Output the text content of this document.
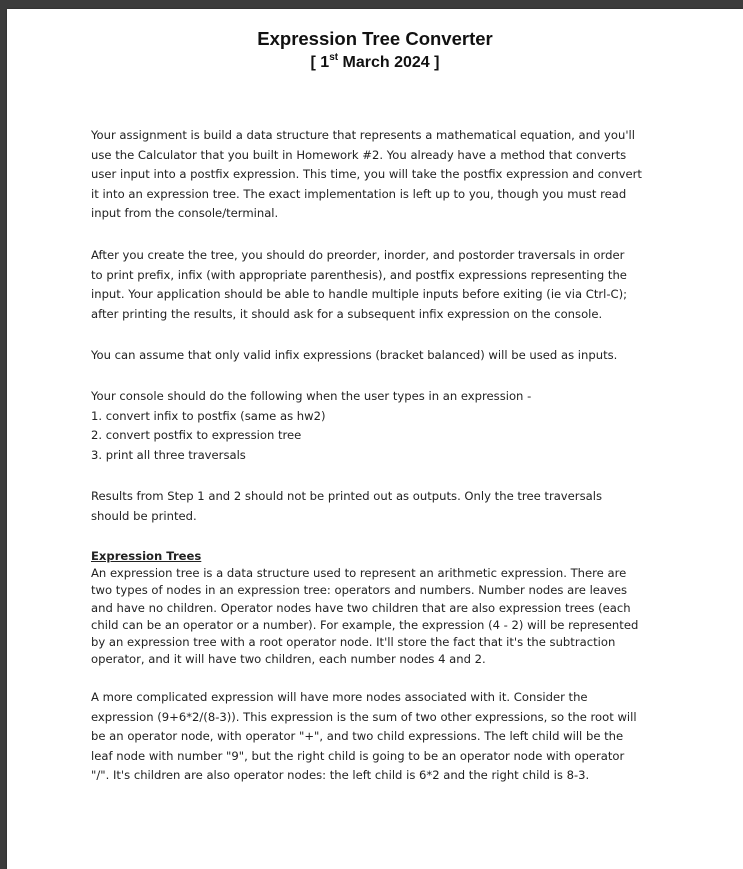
Expression Tree Converter
[ 1st March 2024 ]
Your assignment is build a data structure that represents a mathematical equation, and you'll
use the Calculator that you built in Homework #2. You already have a method that converts
user input into a postfix expression. This time, you will take the postfix expression and convert
it into an expression tree. The exact implementation is left up to you, though you must read
input from the console/terminal.
After you create the tree, you should do preorder, inorder, and postorder traversals in order
to print prefix, infix (with appropriate parenthesis), and postfix expressions representing the
input. Your application should be able to handle multiple inputs before exiting (ie via Ctrl-C);
after printing the results, it should ask for a subsequent infix expression on the console.
You can assume that only valid infix expressions (bracket balanced) will be used as inputs.
Your console should do the following when the user types in an expression -
1. convert infix to postfix (same as hw2)
2. convert postfix to expression tree
3. print all three traversals
Results from Step 1 and 2 should not be printed out as outputs. Only the tree traversals
should be printed.
Expression Trees
An expression tree is a data structure used to represent an arithmetic expression. There are
two types of nodes in an expression tree: operators and numbers. Number nodes are leaves
and have no children. Operator nodes have two children that are also expression trees (each
child can be an operator or a number). For example, the expression (4 - 2) will be represented
by an expression tree with a root operator node. It'll store the fact that it's the subtraction
operator, and it will have two children, each number nodes 4 and 2.
A more complicated expression will have more nodes associated with it. Consider the
expression (9+6*2/(8-3)). This expression is the sum of two other expressions, so the root will
be an operator node, with operator "+", and two child expressions. The left child will be the
leaf node with number "9", but the right child is going to be an operator node with operator
"/". It's children are also operator nodes: the left child is 6*2 and the right child is 8-3.
